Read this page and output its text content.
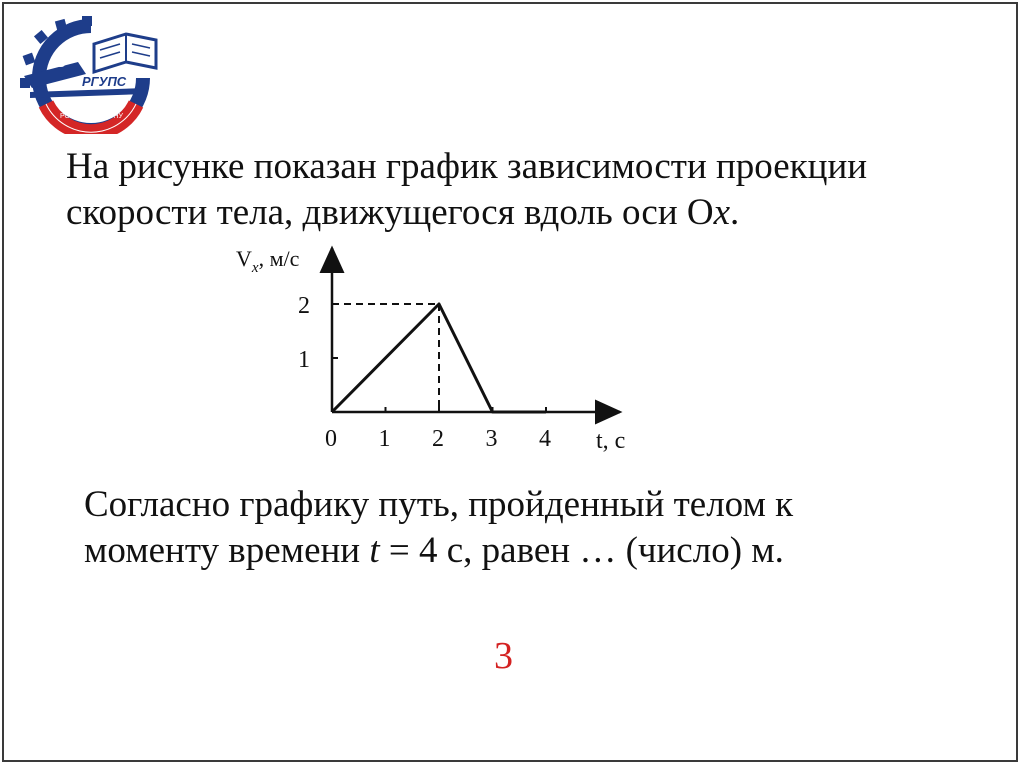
U
РГУПС
РОСТОВ-НА-ДОНУ

На рисунке показан график зависимости проекции
скорости тела, движущегося вдоль оси Ox.

$V_x$, м/с
t, с
0 1 2 3 4
1
2

Согласно графику путь, пройденный телом к
моменту времени t = 4 с, равен … (число) м.

3
